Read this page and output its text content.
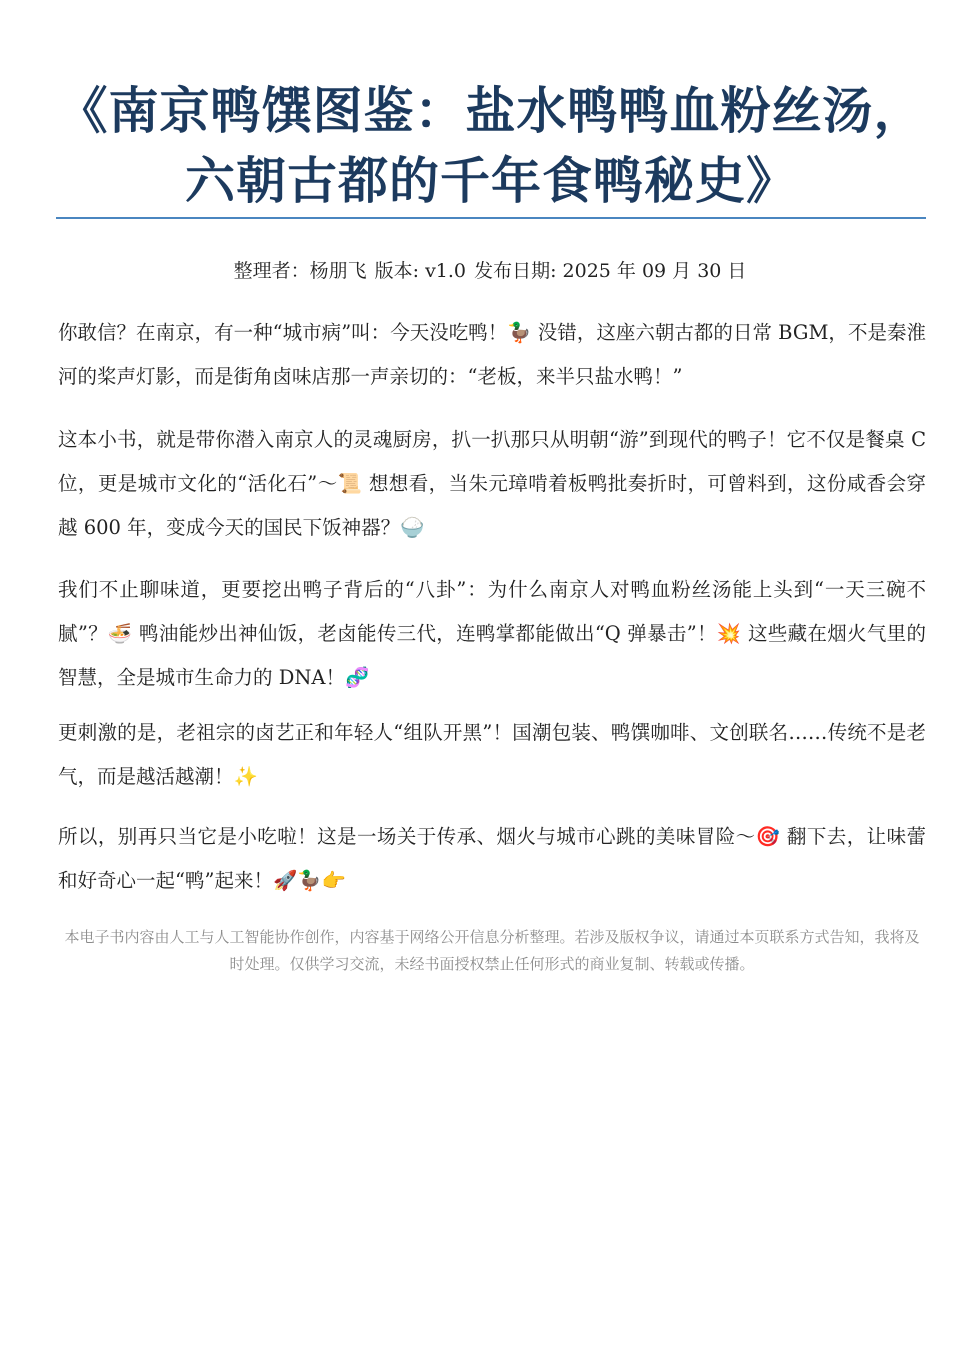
《南京鸭馔图鉴：盐水鸭鸭血粉丝汤，六朝古都的千年食鸭秘史》
整理者：杨朋飞 版本: v1.0 发布日期: 2025 年 09 月 30 日

你敢信？在南京，有一种“城市病”叫：今天没吃鸭！🦆 没错，这座六朝古都的日常 BGM，不是秦淮河的桨声灯影，而是街角卤味店那一声亲切的：“老板，来半只盐水鸭！”

这本小书，就是带你潜入南京人的灵魂厨房，扒一扒那只从明朝“游”到现代的鸭子！它不仅是餐桌 C 位，更是城市文化的“活化石”～📜 想想看，当朱元璋啃着板鸭批奏折时，可曾料到，这份咸香会穿越 600 年，变成今天的国民下饭神器？🍚

我们不止聊味道，更要挖出鸭子背后的“八卦”：为什么南京人对鸭血粉丝汤能上头到“一天三碗不腻”？🍜 鸭油能炒出神仙饭，老卤能传三代，连鸭掌都能做出“Q 弹暴击”！💥 这些藏在烟火气里的智慧，全是城市生命力的 DNA！🧬

更刺激的是，老祖宗的卤艺正和年轻人“组队开黑”！国潮包装、鸭馔咖啡、文创联名……传统不是老气，而是越活越潮！✨

所以，别再只当它是小吃啦！这是一场关于传承、烟火与城市心跳的美味冒险～🎯 翻下去，让味蕾和好奇心一起“鸭”起来！🚀🦆👉

本电子书内容由人工与人工智能协作创作，内容基于网络公开信息分析整理。若涉及版权争议，请通过本页联系方式告知，我将及时处理。仅供学习交流，未经书面授权禁止任何形式的商业复制、转载或传播。
